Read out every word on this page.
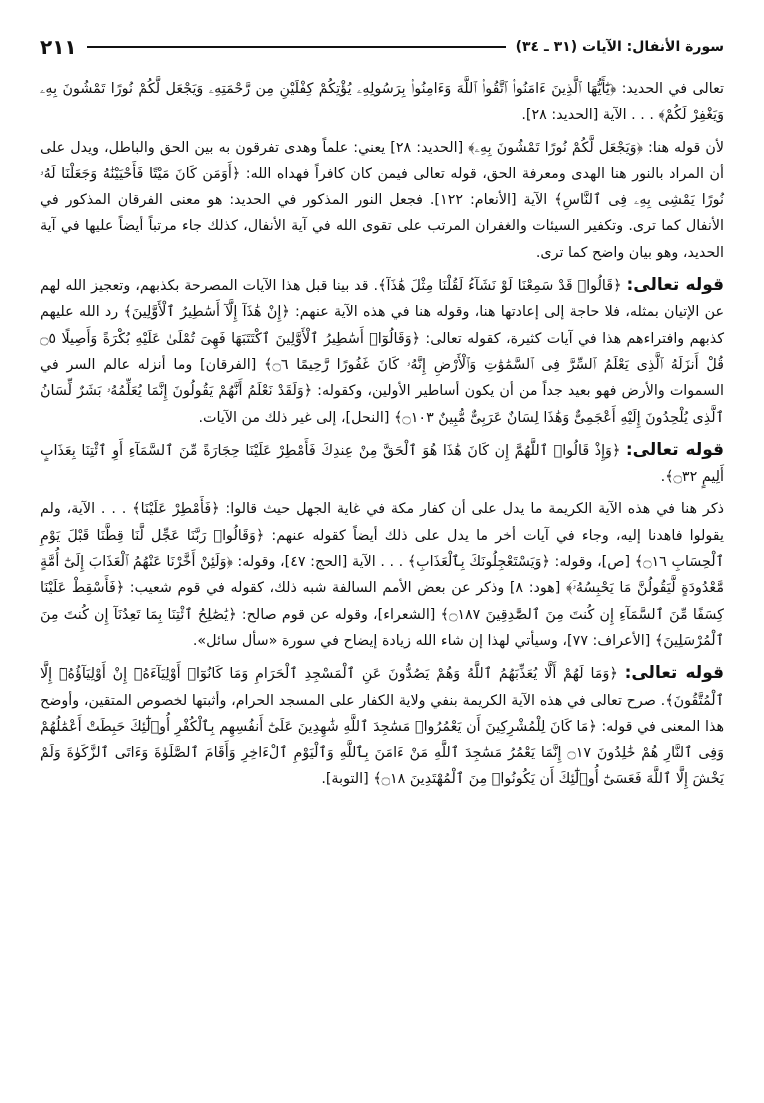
سورة الأنفال: الآيات (٣١ ـ ٣٤)
٢١١

تعالى في الحديد: ﴿يَٰٓأَيُّهَا ٱلَّذِينَ ءَامَنُوا۟ ٱتَّقُوا۟ ٱللَّهَ وَءَامِنُوا۟ بِرَسُولِهِۦ يُؤْتِكُمْ كِفْلَيْنِ مِن رَّحْمَتِهِۦ وَيَجْعَل لَّكُمْ نُورًا تَمْشُونَ بِهِۦ وَيَغْفِرْ لَكُمْ﴾ . . . الآية [الحديد: ٢٨].

لأن قوله هنا: ﴿وَيَجْعَل لَّكُمْ نُورًا تَمْشُونَ بِهِۦ﴾ [الحديد: ٢٨] يعني: علماً وهدى تفرقون به بين الحق والباطل، ويدل على أن المراد بالنور هنا الهدى ومعرفة الحق، قوله تعالى فيمن كان كافراً فهداه الله: ﴿أَوَمَن كَانَ مَيْتًا فَأَحْيَيْنَٰهُ وَجَعَلْنَا لَهُۥ نُورًا يَمْشِى بِهِۦ فِى ٱلنَّاسِ﴾ الآية [الأنعام: ١٢٢]. فجعل النور المذكور في الحديد: هو معنى الفرقان المذكور في الأنفال كما ترى. وتكفير السيئات والغفران المرتب على تقوى الله في آية الأنفال، كذلك جاء مرتباً أيضاً عليها في آية الحديد، وهو بيان واضح كما ترى.

قوله تعالى: ﴿قَالُوا۟ قَدْ سَمِعْنَا لَوْ نَشَآءُ لَقُلْنَا مِثْلَ هَٰذَآ﴾. قد بينا قبل هذا الآيات المصرحة بكذبهم، وتعجيز الله لهم عن الإتيان بمثله، فلا حاجة إلى إعادتها هنا، وقوله هنا في هذه الآية عنهم: ﴿إِنْ هَٰذَآ إِلَّآ أَسَٰطِيرُ ٱلْأَوَّلِينَ﴾ رد الله عليهم كذبهم وافتراءهم هذا في آيات كثيرة، كقوله تعالى: ﴿وَقَالُوٓا۟ أَسَٰطِيرُ ٱلْأَوَّلِينَ ٱكْتَتَبَهَا فَهِىَ تُمْلَىٰ عَلَيْهِ بُكْرَةً وَأَصِيلًا ۝٥ قُلْ أَنزَلَهُ ٱلَّذِى يَعْلَمُ ٱلسِّرَّ فِى ٱلسَّمَٰوَٰتِ وَٱلْأَرْضِ إِنَّهُۥ كَانَ غَفُورًا رَّحِيمًا ۝٦﴾ [الفرقان] وما أنزله عالم السر في السموات والأرض فهو بعيد جداً من أن يكون أساطير الأولين، وكقوله: ﴿وَلَقَدْ نَعْلَمُ أَنَّهُمْ يَقُولُونَ إِنَّمَا يُعَلِّمُهُۥ بَشَرٌ لِّسَانُ ٱلَّذِى يُلْحِدُونَ إِلَيْهِ أَعْجَمِىٌّ وَهَٰذَا لِسَانٌ عَرَبِىٌّ مُّبِينٌ ۝١٠٣﴾ [النحل]، إلى غير ذلك من الآيات.

قوله تعالى: ﴿وَإِذْ قَالُوا۟ ٱللَّهُمَّ إِن كَانَ هَٰذَا هُوَ ٱلْحَقَّ مِنْ عِندِكَ فَأَمْطِرْ عَلَيْنَا حِجَارَةً مِّنَ ٱلسَّمَآءِ أَوِ ٱئْتِنَا بِعَذَابٍ أَلِيمٍ ۝٣٢﴾.

ذكر هنا في هذه الآية الكريمة ما يدل على أن كفار مكة في غاية الجهل حيث قالوا: ﴿فَأَمْطِرْ عَلَيْنَا﴾ . . . الآية، ولم يقولوا فاهدنا إليه، وجاء في آيات أخر ما يدل على ذلك أيضاً كقوله عنهم: ﴿وَقَالُوا۟ رَبَّنَا عَجِّل لَّنَا قِطَّنَا قَبْلَ يَوْمِ ٱلْحِسَابِ ۝١٦﴾ [ص]، وقوله: ﴿وَيَسْتَعْجِلُونَكَ بِٱلْعَذَابِ﴾ . . . الآية [الحج: ٤٧]، وقوله: ﴿وَلَئِنْ أَخَّرْنَا عَنْهُمُ ٱلْعَذَابَ إِلَىٰٓ أُمَّةٍ مَّعْدُودَةٍ لَّيَقُولُنَّ مَا يَحْبِسُهُۥٓ﴾ [هود: ٨] وذكر عن بعض الأمم السالفة شبه ذلك، كقوله في قوم شعيب: ﴿فَأَسْقِطْ عَلَيْنَا كِسَفًا مِّنَ ٱلسَّمَآءِ إِن كُنتَ مِنَ ٱلصَّٰدِقِينَ ۝١٨٧﴾ [الشعراء]، وقوله عن قوم صالح: ﴿يَٰصَٰلِحُ ٱئْتِنَا بِمَا تَعِدُنَآ إِن كُنتَ مِنَ ٱلْمُرْسَلِينَ﴾ [الأعراف: ٧٧]، وسيأتي لهذا إن شاء الله زيادة إيضاح في سورة «سأل سائل».

قوله تعالى: ﴿وَمَا لَهُمْ أَلَّا يُعَذِّبَهُمُ ٱللَّهُ وَهُمْ يَصُدُّونَ عَنِ ٱلْمَسْجِدِ ٱلْحَرَامِ وَمَا كَانُوٓا۟ أَوْلِيَآءَهُۥٓ إِنْ أَوْلِيَآؤُهُۥٓ إِلَّا ٱلْمُتَّقُونَ﴾. صرح تعالى في هذه الآية الكريمة بنفي ولاية الكفار على المسجد الحرام، وأثبتها لخصوص المتقين، وأوضح هذا المعنى في قوله: ﴿مَا كَانَ لِلْمُشْرِكِينَ أَن يَعْمُرُوا۟ مَسَٰجِدَ ٱللَّهِ شَٰهِدِينَ عَلَىٰٓ أَنفُسِهِم بِٱلْكُفْرِ أُو۟لَٰٓئِكَ حَبِطَتْ أَعْمَٰلُهُمْ وَفِى ٱلنَّارِ هُمْ خَٰلِدُونَ ۝١٧ إِنَّمَا يَعْمُرُ مَسَٰجِدَ ٱللَّهِ مَنْ ءَامَنَ بِٱللَّهِ وَٱلْيَوْمِ ٱلْءَاخِرِ وَأَقَامَ ٱلصَّلَوٰةَ وَءَاتَى ٱلزَّكَوٰةَ وَلَمْ يَخْشَ إِلَّا ٱللَّهَ فَعَسَىٰٓ أُو۟لَٰٓئِكَ أَن يَكُونُوا۟ مِنَ ٱلْمُهْتَدِينَ ۝١٨﴾ [التوبة].
